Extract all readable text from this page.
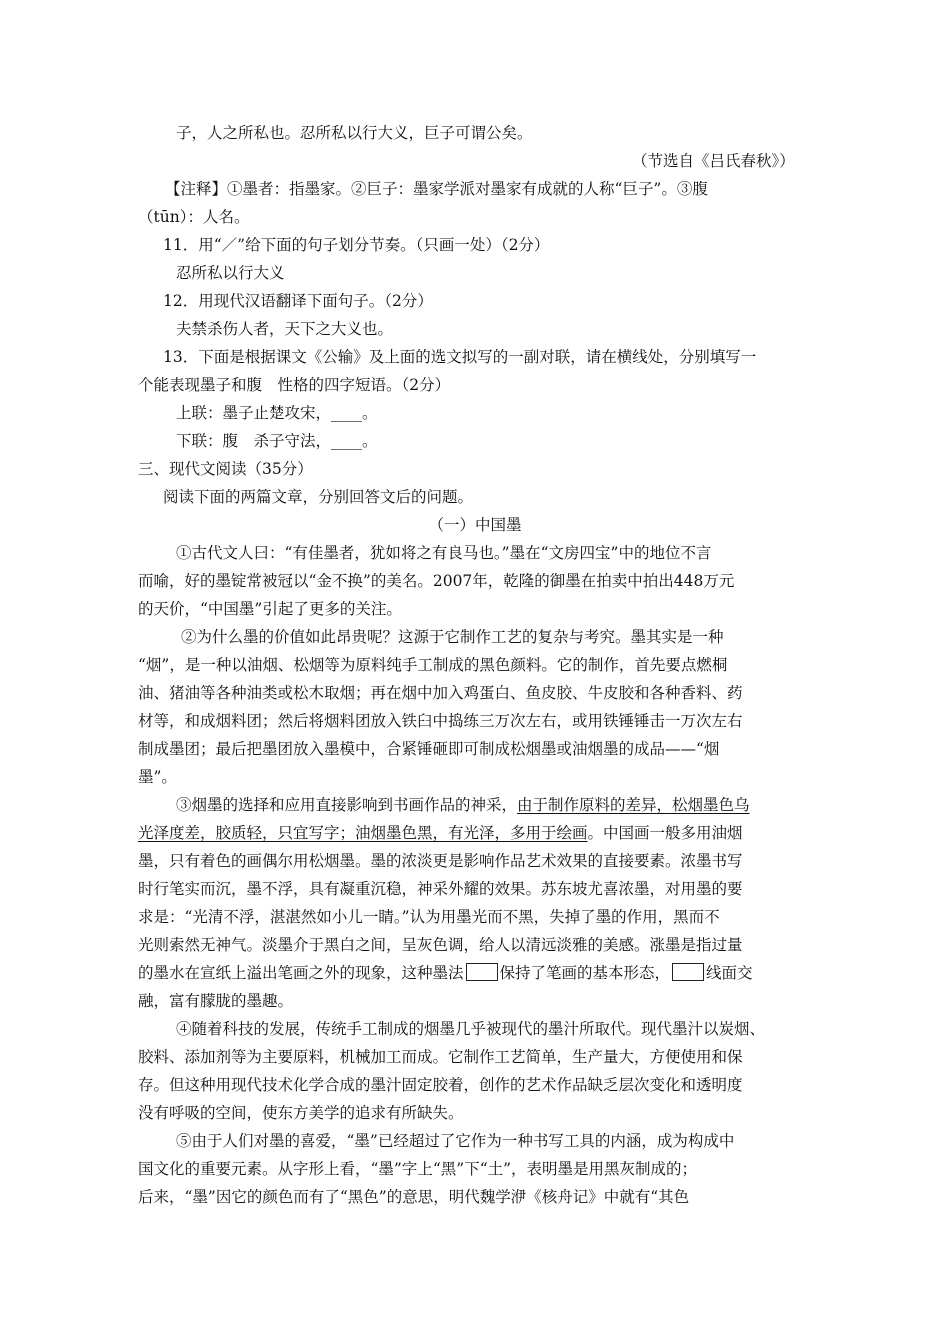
子，人之所私也。忍所私以行大义，巨子可谓公矣。
（节选自《吕氏春秋》）
【注释】①墨者：指墨家。②巨子：墨家学派对墨家有成就的人称“巨子”。③腹
（tūn）：人名。
11．用“／”给下面的句子划分节奏。（只画一处）（2分）
忍所私以行大义
12．用现代汉语翻译下面句子。（2分）
夫禁杀伤人者，天下之大义也。
13．下面是根据课文《公输》及上面的选文拟写的一副对联，请在横线处，分别填写一
个能表现墨子和腹　性格的四字短语。（2分）
上联：墨子止楚攻宋，____。
下联：腹　杀子守法，____。
三、现代文阅读（35分）
阅读下面的两篇文章，分别回答文后的问题。
（一）中国墨
①古代文人曰：“有佳墨者，犹如将之有良马也。”墨在“文房四宝”中的地位不言
而喻，好的墨锭常被冠以“金不换”的美名。2007年，乾隆的御墨在拍卖中拍出448万元
的天价，“中国墨”引起了更多的关注。
②为什么墨的价值如此昂贵呢？这源于它制作工艺的复杂与考究。墨其实是一种
“烟”，是一种以油烟、松烟等为原料纯手工制成的黑色颜料。它的制作，首先要点燃桐
油、猪油等各种油类或松木取烟；再在烟中加入鸡蛋白、鱼皮胶、牛皮胶和各种香料、药
材等，和成烟料团；然后将烟料团放入铁臼中捣练三万次左右，或用铁锤锤击一万次左右
制成墨团；最后把墨团放入墨模中，合紧锤砸即可制成松烟墨或油烟墨的成品——“烟
墨”。
③烟墨的选择和应用直接影响到书画作品的神采，由于制作原料的差异，松烟墨色乌
光泽度差，胶质轻，只宜写字；油烟墨色黑，有光泽，多用于绘画。中国画一般多用油烟
墨，只有着色的画偶尔用松烟墨。墨的浓淡更是影响作品艺术效果的直接要素。浓墨书写
时行笔实而沉，墨不浮，具有凝重沉稳，神采外耀的效果。苏东坡尤喜浓墨，对用墨的要
求是：“光清不浮，湛湛然如小儿一睛。”认为用墨光而不黑，失掉了墨的作用，黑而不
光则索然无神气。淡墨介于黑白之间，呈灰色调，给人以清远淡雅的美感。涨墨是指过量
的墨水在宣纸上溢出笔画之外的现象，这种墨法 保持了笔画的基本形态， 线面交
融，富有朦胧的墨趣。
④随着科技的发展，传统手工制成的烟墨几乎被现代的墨汁所取代。现代墨汁以炭烟、
胶料、添加剂等为主要原料，机械加工而成。它制作工艺简单，生产量大，方便使用和保
存。但这种用现代技术化学合成的墨汁固定胶着，创作的艺术作品缺乏层次变化和透明度
没有呼吸的空间，使东方美学的追求有所缺失。
⑤由于人们对墨的喜爱，“墨”已经超过了它作为一种书写工具的内涵，成为构成中
国文化的重要元素。从字形上看，“墨”字上“黑”下“土”，表明墨是用黑灰制成的；
后来，“墨”因它的颜色而有了“黑色”的意思，明代魏学洢《核舟记》中就有“其色
